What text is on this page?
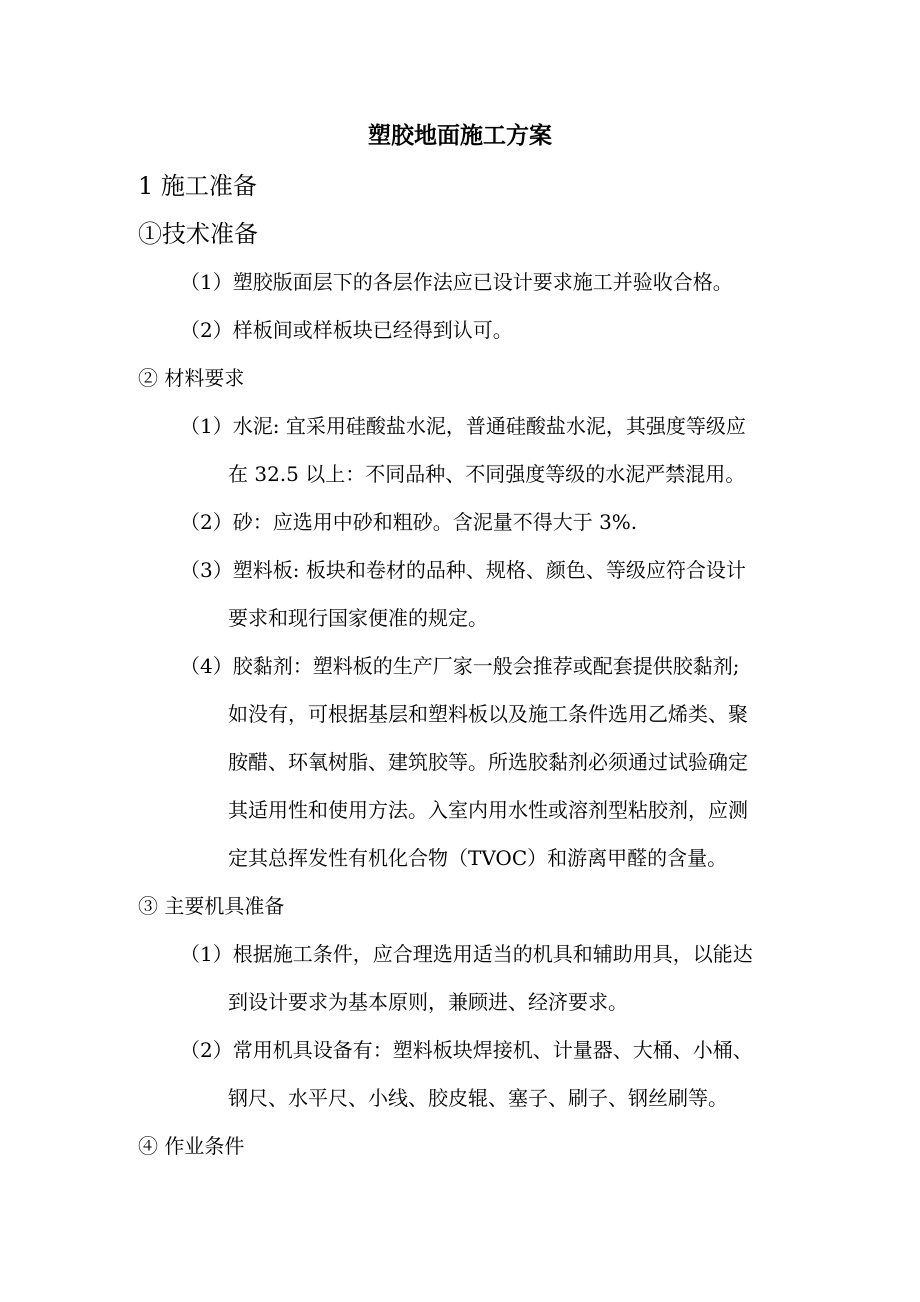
塑胶地面施工方案
1 施工准备
①技术准备
（1）塑胶版面层下的各层作法应已设计要求施工并验收合格。
（2）样板间或样板块已经得到认可。
② 材料要求
（1）水泥: 宜采用硅酸盐水泥，普通硅酸盐水泥，其强度等级应
在 32.5 以上：不同品种、不同强度等级的水泥严禁混用。
（2）砂：应选用中砂和粗砂。含泥量不得大于 3%.
（3）塑料板: 板块和卷材的品种、规格、颜色、等级应符合设计
要求和现行国家便准的规定。
（4）胶黏剂：塑料板的生产厂家一般会推荐或配套提供胶黏剂;
如没有，可根据基层和塑料板以及施工条件选用乙烯类、聚
胺醋、环氧树脂、建筑胶等。所选胶黏剂必须通过试验确定
其适用性和使用方法。入室内用水性或溶剂型粘胶剂，应测
定其总挥发性有机化合物（TVOC）和游离甲醛的含量。
③ 主要机具准备
（1）根据施工条件，应合理选用适当的机具和辅助用具，以能达
到设计要求为基本原则，兼顾进、经济要求。
（2）常用机具设备有：塑料板块焊接机、计量器、大桶、小桶、
钢尺、水平尺、小线、胶皮辊、塞子、刷子、钢丝刷等。
④ 作业条件
